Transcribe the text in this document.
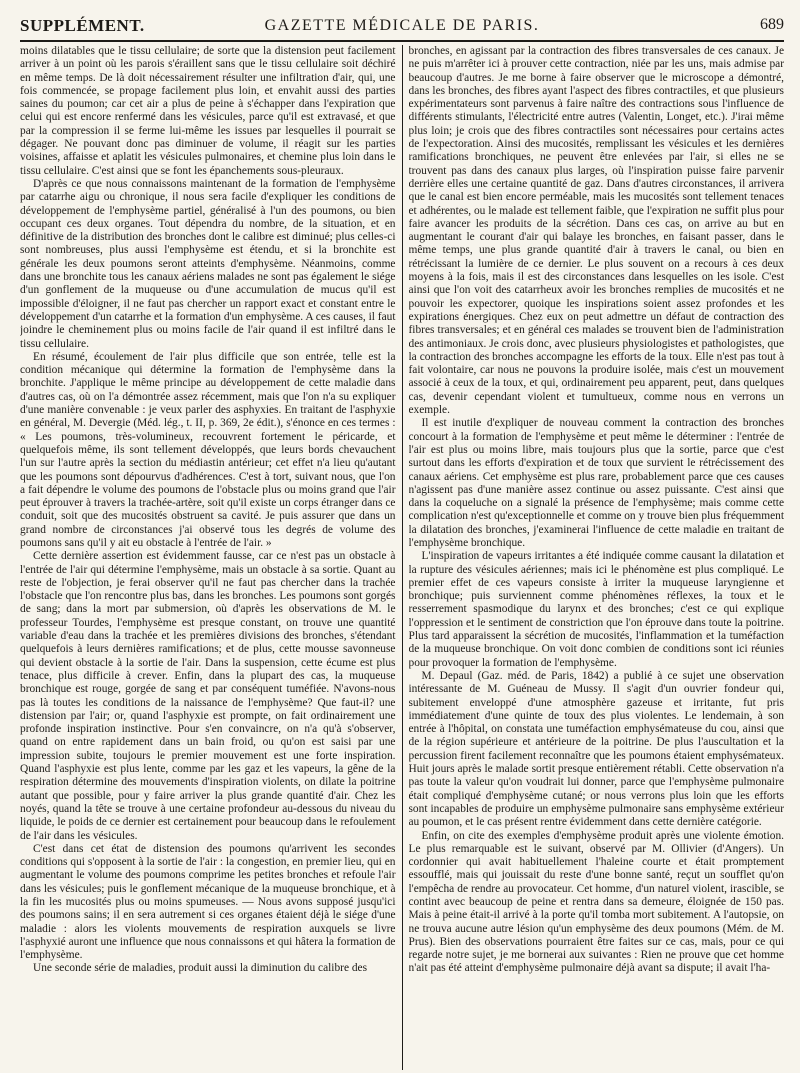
SUPPLÉMENT.	GAZETTE MÉDICALE DE PARIS.	689

moins dilatables que le tissu cellulaire; de sorte que la distension peut facilement arriver à un point où les parois s'éraillent sans que le tissu cellulaire soit déchiré en même temps. De là doit nécessairement résulter une infiltration d'air, qui, une fois commencée, se propage facilement plus loin, et envahit aussi des parties saines du poumon; car cet air a plus de peine à s'échapper dans l'expiration que celui qui est encore renfermé dans les vésicules, parce qu'il est extravasé, et que par la compression il se ferme lui-même les issues par lesquelles il pourrait se dégager. Ne pouvant donc pas diminuer de volume, il réagit sur les parties voisines, affaisse et aplatit les vésicules pulmonaires, et chemine plus loin dans le tissu cellulaire. C'est ainsi que se font les épanchements sous-pleuraux.

D'après ce que nous connaissons maintenant de la formation de l'emphysème par catarrhe aigu ou chronique, il nous sera facile d'expliquer les conditions de développement de l'emphysème partiel, généralisé à l'un des poumons, ou bien occupant ces deux organes. Tout dépendra du nombre, de la situation, et en définitive de la distribution des bronches dont le calibre est diminué; plus celles-ci sont nombreuses, plus aussi l'emphysème est étendu, et si la bronchite est générale les deux poumons seront atteints d'emphysème. Néanmoins, comme dans une bronchite tous les canaux aériens malades ne sont pas également le siége d'un gonflement de la muqueuse ou d'une accumulation de mucus qu'il est impossible d'éloigner, il ne faut pas chercher un rapport exact et constant entre le développement d'un catarrhe et la formation d'un emphysème. A ces causes, il faut joindre le cheminement plus ou moins facile de l'air quand il est infiltré dans le tissu cellulaire.

En résumé, écoulement de l'air plus difficile que son entrée, telle est la condition mécanique qui détermine la formation de l'emphysème dans la bronchite. J'applique le même principe au développement de cette maladie dans d'autres cas, où on l'a démontrée assez récemment, mais que l'on n'a su expliquer d'une manière convenable : je veux parler des asphyxies. En traitant de l'asphyxie en général, M. Devergie (Méd. lég., t. II, p. 369, 2e édit.), s'énonce en ces termes : « Les poumons, très-volumineux, recouvrent fortement le péricarde, et quelquefois même, ils sont tellement développés, que leurs bords chevauchent l'un sur l'autre après la section du médiastin antérieur; cet effet n'a lieu qu'autant que les poumons sont dépourvus d'adhérences. C'est à tort, suivant nous, que l'on a fait dépendre le volume des poumons de l'obstacle plus ou moins grand que l'air peut éprouver à travers la trachée-artère, soit qu'il existe un corps étranger dans ce conduit, soit que des mucosités obstruent sa cavité. Je puis assurer que dans un grand nombre de circonstances j'ai observé tous les degrés de volume des poumons sans qu'il y ait eu obstacle à l'entrée de l'air. »

Cette dernière assertion est évidemment fausse, car ce n'est pas un obstacle à l'entrée de l'air qui détermine l'emphysème, mais un obstacle à sa sortie. Quant au reste de l'objection, je ferai observer qu'il ne faut pas chercher dans la trachée l'obstacle que l'on rencontre plus bas, dans les bronches. Les poumons sont gorgés de sang; dans la mort par submersion, où d'après les observations de M. le professeur Tourdes, l'emphysème est presque constant, on trouve une quantité variable d'eau dans la trachée et les premières divisions des bronches, s'étendant quelquefois à leurs dernières ramifications; et de plus, cette mousse savonneuse qui devient obstacle à la sortie de l'air. Dans la suspension, cette écume est plus tenace, plus difficile à crever. Enfin, dans la plupart des cas, la muqueuse bronchique est rouge, gorgée de sang et par conséquent tuméfiée. N'avons-nous pas là toutes les conditions de la naissance de l'emphysème? Que faut-il? une distension par l'air; or, quand l'asphyxie est prompte, on fait ordinairement une profonde inspiration instinctive. Pour s'en convaincre, on n'a qu'à s'observer, quand on entre rapidement dans un bain froid, ou qu'on est saisi par une impression subite, toujours le premier mouvement est une forte inspiration. Quand l'asphyxie est plus lente, comme par les gaz et les vapeurs, la gêne de la respiration détermine des mouvements d'inspiration violents, on dilate la poitrine autant que possible, pour y faire arriver la plus grande quantité d'air. Chez les noyés, quand la tête se trouve à une certaine profondeur au-dessous du niveau du liquide, le poids de ce dernier est certainement pour beaucoup dans le refoulement de l'air dans les vésicules.

C'est dans cet état de distension des poumons qu'arrivent les secondes conditions qui s'opposent à la sortie de l'air : la congestion, en premier lieu, qui en augmentant le volume des poumons comprime les petites bronches et refoule l'air dans les vésicules; puis le gonflement mécanique de la muqueuse bronchique, et à la fin les mucosités plus ou moins spumeuses. — Nous avons supposé jusqu'ici des poumons sains; il en sera autrement si ces organes étaient déjà le siége d'une maladie : alors les violents mouvements de respiration auxquels se livre l'asphyxié auront une influence que nous connaissons et qui hâtera la formation de l'emphysème.

Une seconde série de maladies, produit aussi la diminution du calibre des

bronches, en agissant par la contraction des fibres transversales de ces canaux. Je ne puis m'arrêter ici à prouver cette contraction, niée par les uns, mais admise par beaucoup d'autres. Je me borne à faire observer que le microscope a démontré, dans les bronches, des fibres ayant l'aspect des fibres contractiles, et que plusieurs expérimentateurs sont parvenus à faire naître des contractions sous l'influence de différents stimulants, l'électricité entre autres (Valentin, Longet, etc.). J'irai même plus loin; je crois que des fibres contractiles sont nécessaires pour certains actes de l'expectoration. Ainsi des mucosités, remplissant les vésicules et les dernières ramifications bronchiques, ne peuvent être enlevées par l'air, si elles ne se trouvent pas dans des canaux plus larges, où l'inspiration puisse faire parvenir derrière elles une certaine quantité de gaz. Dans d'autres circonstances, il arrivera que le canal est bien encore perméable, mais les mucosités sont tellement tenaces et adhérentes, ou le malade est tellement faible, que l'expiration ne suffit plus pour faire avancer les produits de la sécrétion. Dans ces cas, on arrive au but en augmentant le courant d'air qui balaye les bronches, en faisant passer, dans le même temps, une plus grande quantité d'air à travers le canal, ou bien en rétrécissant la lumière de ce dernier. Le plus souvent on a recours à ces deux moyens à la fois, mais il est des circonstances dans lesquelles on les isole. C'est ainsi que l'on voit des catarrheux avoir les bronches remplies de mucosités et ne pouvoir les expectorer, quoique les inspirations soient assez profondes et les expirations énergiques. Chez eux on peut admettre un défaut de contraction des fibres transversales; et en général ces malades se trouvent bien de l'administration des antimoniaux. Je crois donc, avec plusieurs physiologistes et pathologistes, que la contraction des bronches accompagne les efforts de la toux. Elle n'est pas tout à fait volontaire, car nous ne pouvons la produire isolée, mais c'est un mouvement associé à ceux de la toux, et qui, ordinairement peu apparent, peut, dans quelques cas, devenir cependant violent et tumultueux, comme nous en verrons un exemple.

Il est inutile d'expliquer de nouveau comment la contraction des bronches concourt à la formation de l'emphysème et peut même le déterminer : l'entrée de l'air est plus ou moins libre, mais toujours plus que la sortie, parce que c'est surtout dans les efforts d'expiration et de toux que survient le rétrécissement des canaux aériens. Cet emphysème est plus rare, probablement parce que ces causes n'agissent pas d'une manière assez continue ou assez puissante. C'est ainsi que dans la coqueluche on a signalé la présence de l'emphysème; mais comme cette complication n'est qu'exceptionnelle et comme on y trouve bien plus fréquemment la dilatation des bronches, j'examinerai l'influence de cette maladie en traitant de l'emphysème bronchique.

L'inspiration de vapeurs irritantes a été indiquée comme causant la dilatation et la rupture des vésicules aériennes; mais ici le phénomène est plus compliqué. Le premier effet de ces vapeurs consiste à irriter la muqueuse laryngienne et bronchique; puis surviennent comme phénomènes réflexes, la toux et le resserrement spasmodique du larynx et des bronches; c'est ce qui explique l'oppression et le sentiment de constriction que l'on éprouve dans toute la poitrine. Plus tard apparaissent la sécrétion de mucosités, l'inflammation et la tuméfaction de la muqueuse bronchique. On voit donc combien de conditions sont ici réunies pour provoquer la formation de l'emphysème.

M. Depaul (Gaz. méd. de Paris, 1842) a publié à ce sujet une observation intéressante de M. Guéneau de Mussy. Il s'agit d'un ouvrier fondeur qui, subitement enveloppé d'une atmosphère gazeuse et irritante, fut pris immédiatement d'une quinte de toux des plus violentes. Le lendemain, à son entrée à l'hôpital, on constata une tuméfaction emphysémateuse du cou, ainsi que de la région supérieure et antérieure de la poitrine. De plus l'auscultation et la percussion firent facilement reconnaître que les poumons étaient emphysémateux. Huit jours après le malade sortit presque entièrement rétabli. Cette observation n'a pas toute la valeur qu'on voudrait lui donner, parce que l'emphysème pulmonaire était compliqué d'emphysème cutané; or nous verrons plus loin que les efforts sont incapables de produire un emphysème pulmonaire sans emphysème extérieur au poumon, et le cas présent rentre évidemment dans cette dernière catégorie.

Enfin, on cite des exemples d'emphysème produit après une violente émotion. Le plus remarquable est le suivant, observé par M. Ollivier (d'Angers). Un cordonnier qui avait habituellement l'haleine courte et était promptement essoufflé, mais qui jouissait du reste d'une bonne santé, reçut un soufflet qu'on l'empêcha de rendre au provocateur. Cet homme, d'un naturel violent, irascible, se contint avec beaucoup de peine et rentra dans sa demeure, éloignée de 150 pas. Mais à peine était-il arrivé à la porte qu'il tomba mort subitement. A l'autopsie, on ne trouva aucune autre lésion qu'un emphysème des deux poumons (Mém. de M. Prus). Bien des observations pourraient être faites sur ce cas, mais, pour ce qui regarde notre sujet, je me bornerai aux suivantes : Rien ne prouve que cet homme n'ait pas été atteint d'emphysème pulmonaire déjà avant sa dispute; il avait l'ha-
